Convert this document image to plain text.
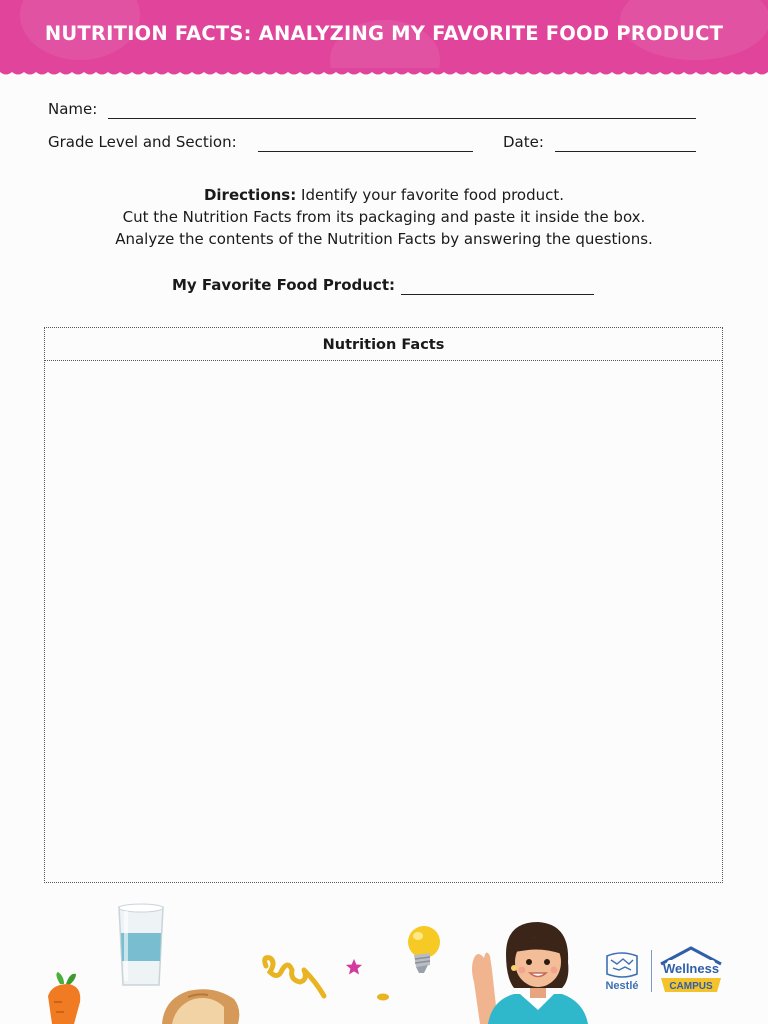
NUTRITION FACTS: ANALYZING MY FAVORITE FOOD PRODUCT
Name:
Grade Level and Section:	Date:
Directions: Identify your favorite food product.
Cut the Nutrition Facts from its packaging and paste it inside the box.
Analyze the contents of the Nutrition Facts by answering the questions.
My Favorite Food Product:
Nutrition Facts
Nestlé
Wellness
CAMPUS
